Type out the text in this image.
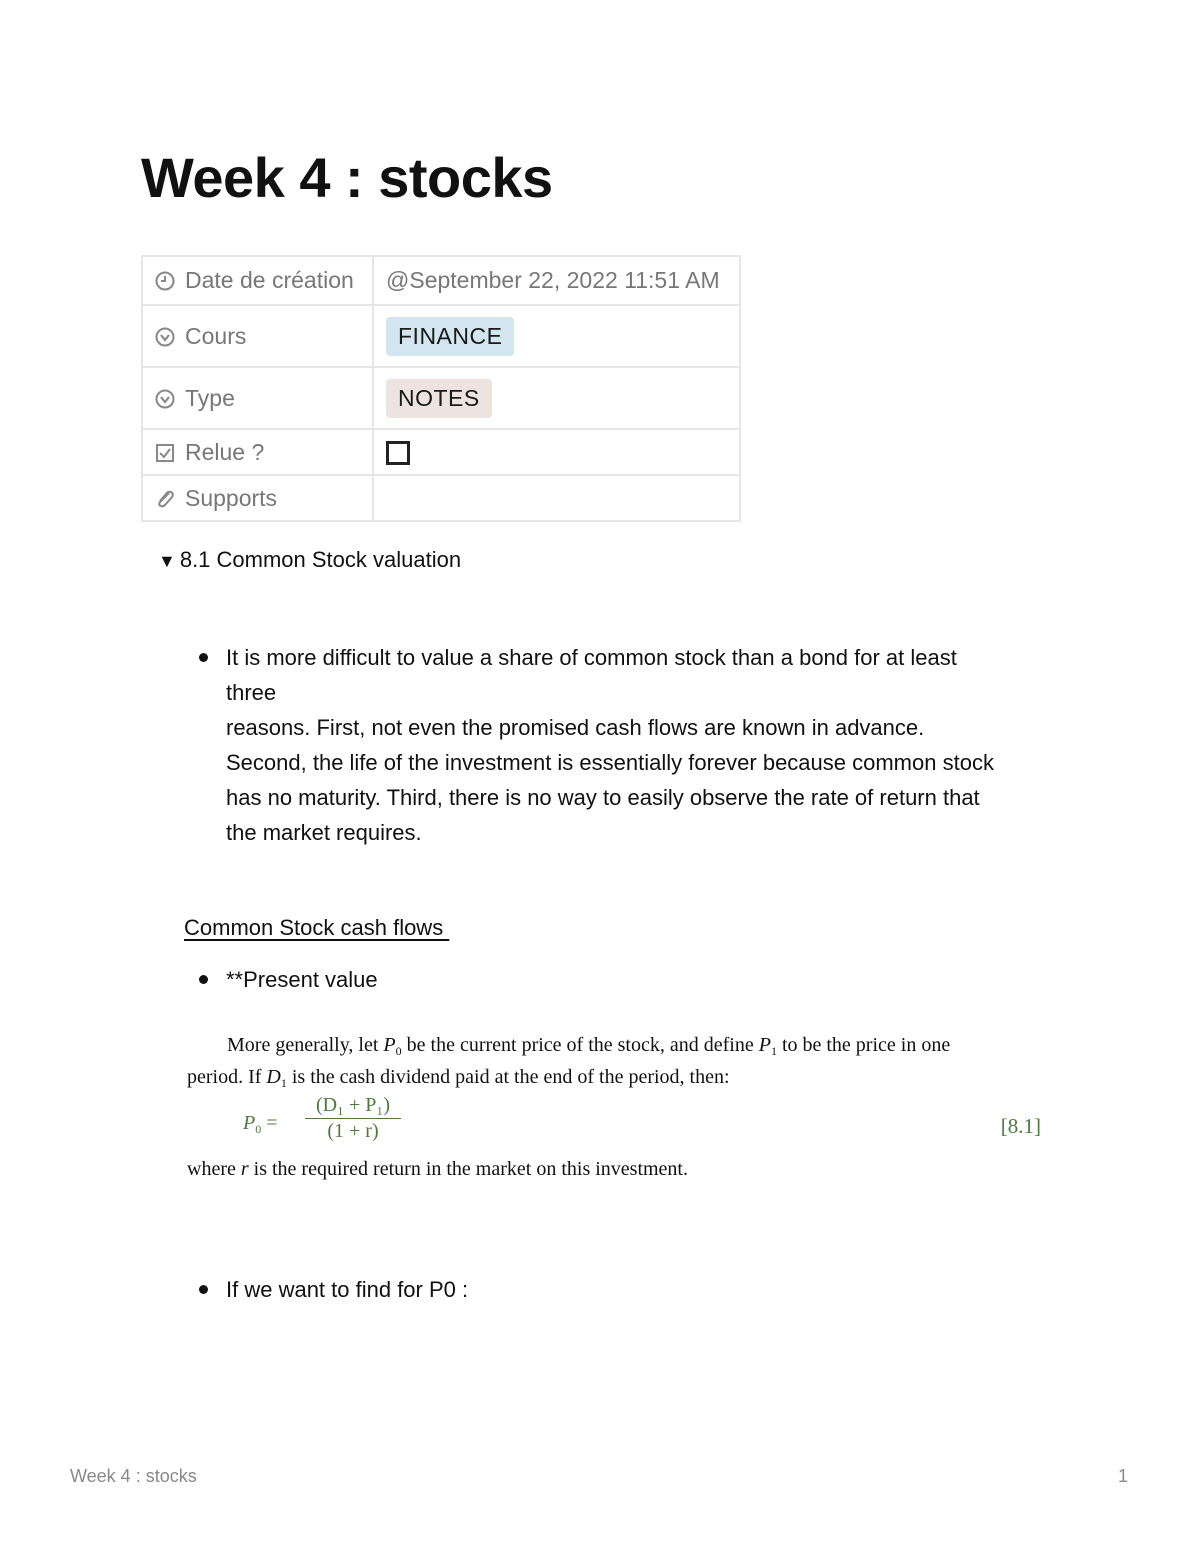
Week 4 : stocks
Date de création	@September 22, 2022 11:51 AM
Cours	FINANCE
Type	NOTES
Relue ?	
Supports	
▼ 8.1 Common Stock valuation
It is more difficult to value a share of common stock than a bond for at least
three
reasons. First, not even the promised cash flows are known in advance.
Second, the life of the investment is essentially forever because common stock
has no maturity. Third, there is no way to easily observe the rate of return that
the market requires.
Common Stock cash flows
**Present value
More generally, let $P_0$ be the current price of the stock, and define $P_1$ to be the price in one
period. If $D_1$ is the cash dividend paid at the end of the period, then:
$P_0$ =
(D₁ + P₁)
(1 + r)	[8.1]
where r is the required return in the market on this investment.
If we want to find for P0 :
Week 4 : stocks	1
